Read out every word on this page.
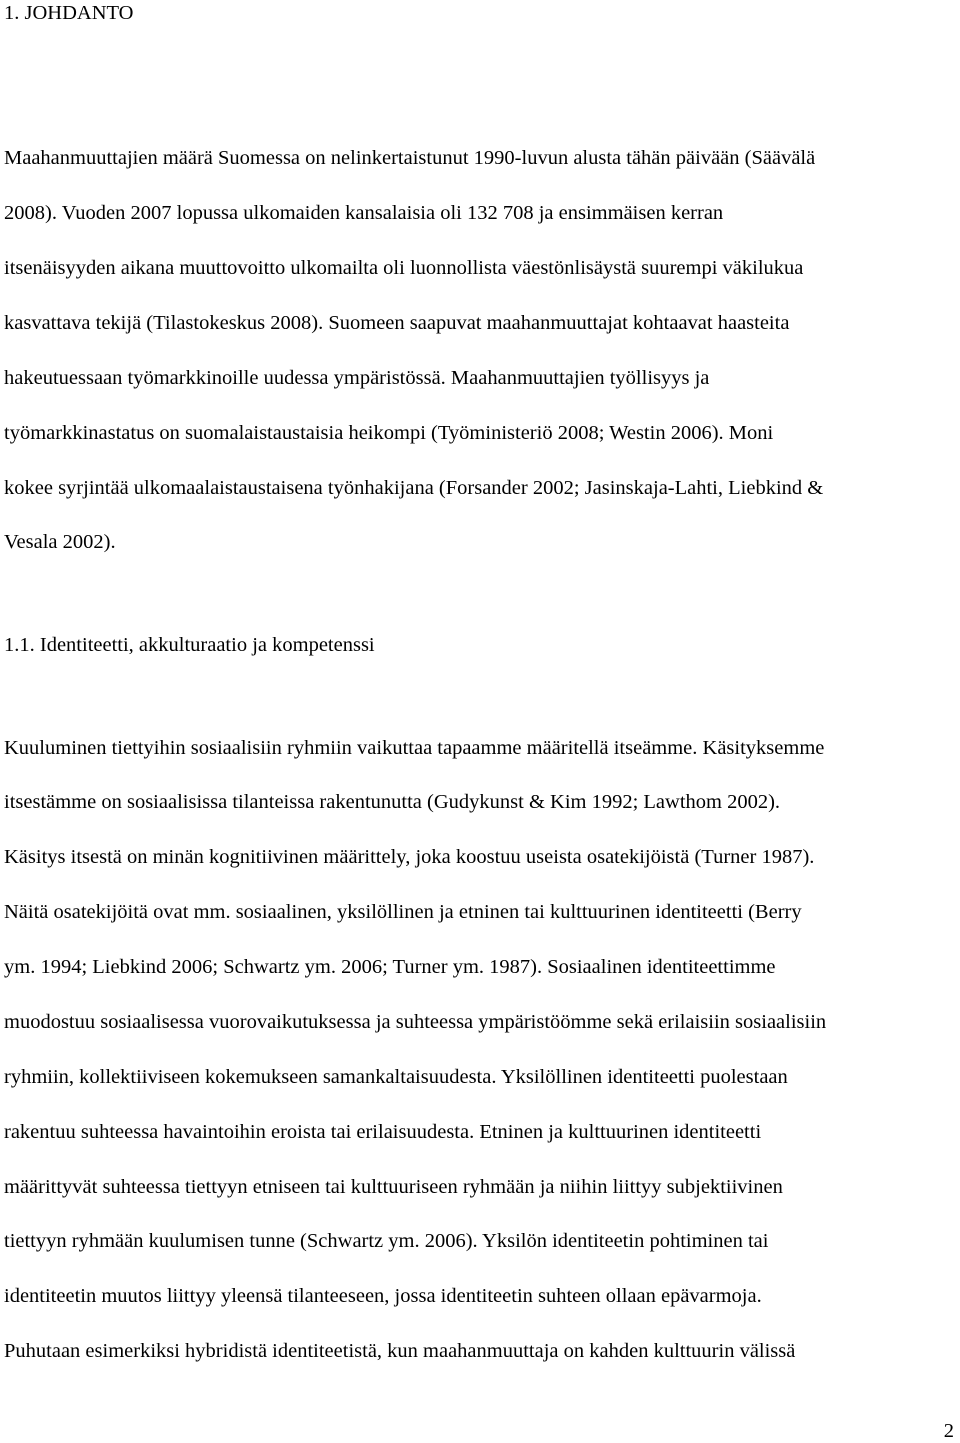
1. JOHDANTO

Maahanmuuttajien määrä Suomessa on nelinkertaistunut 1990-luvun alusta tähän päivään (Säävälä

2008). Vuoden 2007 lopussa ulkomaiden kansalaisia oli 132 708 ja ensimmäisen kerran

itsenäisyyden aikana muuttovoitto ulkomailta oli luonnollista väestönlisäystä suurempi väkilukua

kasvattava tekijä (Tilastokeskus 2008). Suomeen saapuvat maahanmuuttajat kohtaavat haasteita

hakeutuessaan työmarkkinoille uudessa ympäristössä. Maahanmuuttajien työllisyys ja

työmarkkinastatus on suomalaistaustaisia heikompi (Työministeriö 2008; Westin 2006). Moni

kokee syrjintää ulkomaalaistaustaisena työnhakijana (Forsander 2002; Jasinskaja-Lahti, Liebkind &

Vesala 2002).

1.1. Identiteetti, akkulturaatio ja kompetenssi

Kuuluminen tiettyihin sosiaalisiin ryhmiin vaikuttaa tapaamme määritellä itseämme. Käsityksemme

itsestämme on sosiaalisissa tilanteissa rakentunutta (Gudykunst & Kim 1992; Lawthom 2002).

Käsitys itsestä on minän kognitiivinen määrittely, joka koostuu useista osatekijöistä (Turner 1987).

Näitä osatekijöitä ovat mm. sosiaalinen, yksilöllinen ja etninen tai kulttuurinen identiteetti (Berry

ym. 1994; Liebkind 2006; Schwartz ym. 2006; Turner ym. 1987). Sosiaalinen identiteettimme

muodostuu sosiaalisessa vuorovaikutuksessa ja suhteessa ympäristöömme sekä erilaisiin sosiaalisiin

ryhmiin, kollektiiviseen kokemukseen samankaltaisuudesta. Yksilöllinen identiteetti puolestaan

rakentuu suhteessa havaintoihin eroista tai erilaisuudesta. Etninen ja kulttuurinen identiteetti

määrittyvät suhteessa tiettyyn etniseen tai kulttuuriseen ryhmään ja niihin liittyy subjektiivinen

tiettyyn ryhmään kuulumisen tunne (Schwartz ym. 2006). Yksilön identiteetin pohtiminen tai

identiteetin muutos liittyy yleensä tilanteeseen, jossa identiteetin suhteen ollaan epävarmoja.

Puhutaan esimerkiksi hybridistä identiteetistä, kun maahanmuuttaja on kahden kulttuurin välissä

2
